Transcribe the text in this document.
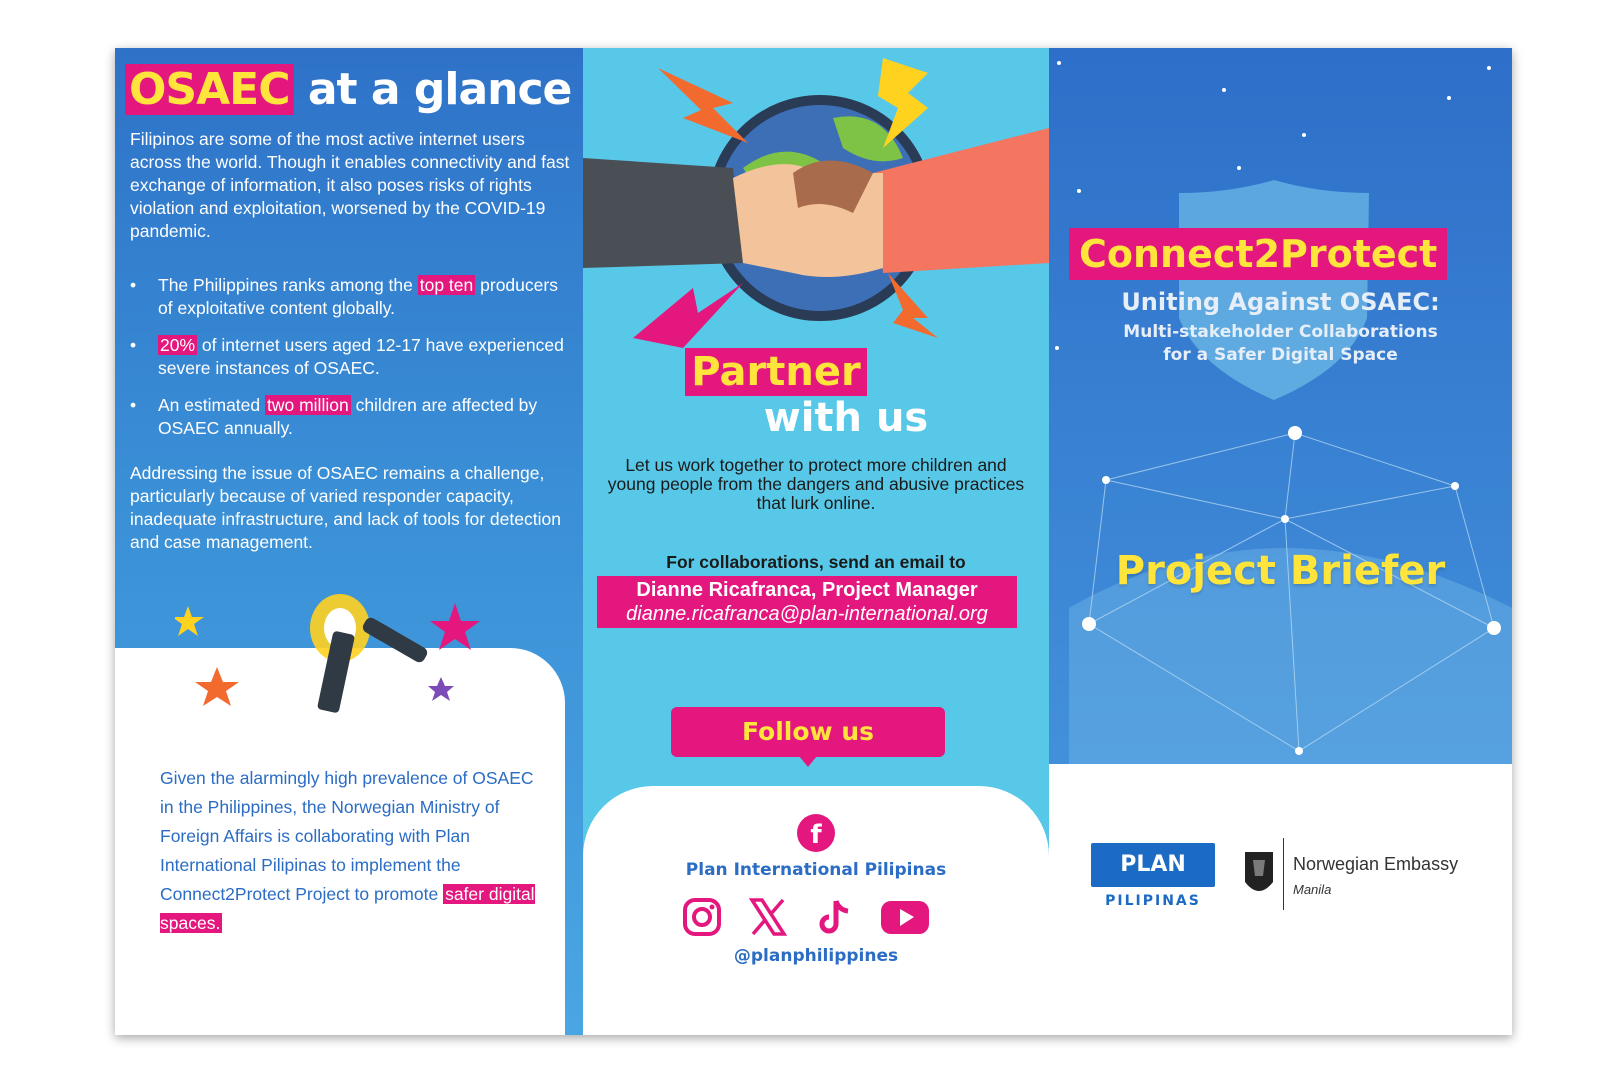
OSAEC at a glance

Filipinos are some of the most active internet users across the world. Though it enables connectivity and fast exchange of information, it also poses risks of rights violation and exploitation, worsened by the COVID-19 pandemic.

• The Philippines ranks among the top ten producers of exploitative content globally.
• 20% of internet users aged 12-17 have experienced severe instances of OSAEC.
• An estimated two million children are affected by OSAEC annually.

Addressing the issue of OSAEC remains a challenge, particularly because of varied responder capacity, inadequate infrastructure, and lack of tools for detection and case management.

Given the alarmingly high prevalence of OSAEC in the Philippines, the Norwegian Ministry of Foreign Affairs is collaborating with Plan International Pilipinas to implement the Connect2Protect Project to promote safer digital spaces.

Partner
with us

Let us work together to protect more children and young people from the dangers and abusive practices that lurk online.

For collaborations, send an email to

Dianne Ricafranca, Project Manager
dianne.ricafranca@plan-international.org
Follow us
f

Plan International Pilipinas

@planphilippines

Connect2Protect

Uniting Against OSAEC:

Multi-stakeholder Collaborations
for a Safer Digital Space

Project Briefer

PLAN
PILIPINAS
Norwegian Embassy
Manila
